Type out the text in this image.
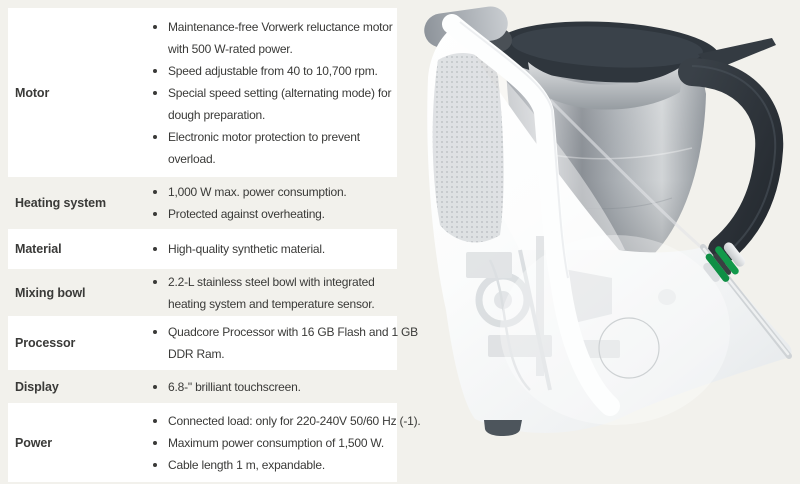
Motor
Maintenance-free Vorwerk reluctance motor
with 500 W-rated power.
Speed adjustable from 40 to 10,700 rpm.
Special speed setting (alternating mode) for
dough preparation.
Electronic motor protection to prevent
overload.
Heating system
1,000 W max. power consumption.
Protected against overheating.
Material	High-quality synthetic material.
Mixing bowl
2.2-L stainless steel bowl with integrated
heating system and temperature sensor.
Processor
Quadcore Processor with 16 GB Flash and 1 GB
DDR Ram.
Display	6.8-" brilliant touchscreen.
Power
Connected load: only for 220-240V 50/60 Hz (-1).
Maximum power consumption of 1,500 W.
Cable length 1 m, expandable.
